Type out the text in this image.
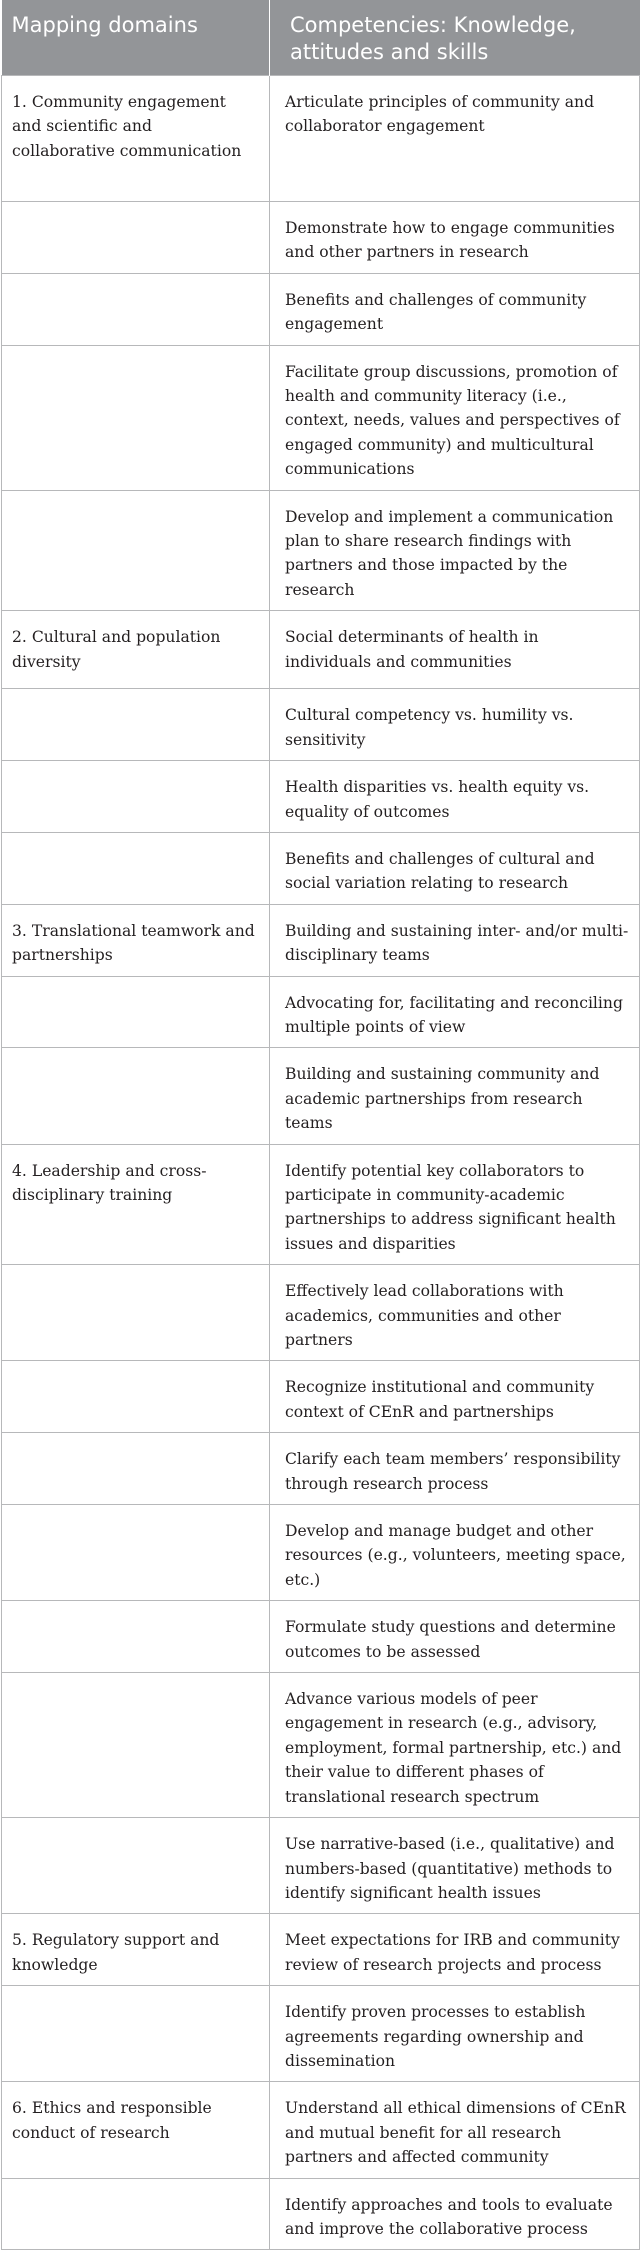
Mapping domains	Competencies: Knowledge, attitudes and skills
1. Community engagement and scientific and collaborative communication	Articulate principles of community and collaborator engagement
	Demonstrate how to engage communities and other partners in research
	Benefits and challenges of community engagement
	Facilitate group discussions, promotion of health and community literacy (i.e., context, needs, values and perspectives of engaged community) and multicultural communications
	Develop and implement a communication plan to share research findings with partners and those impacted by the research
2. Cultural and population diversity	Social determinants of health in individuals and communities
	Cultural competency vs. humility vs. sensitivity
	Health disparities vs. health equity vs. equality of outcomes
	Benefits and challenges of cultural and social variation relating to research
3. Translational teamwork and partnerships	Building and sustaining inter- and/or multi-disciplinary teams
	Advocating for, facilitating and reconciling multiple points of view
	Building and sustaining community and academic partnerships from research teams
4. Leadership and cross-disciplinary training	Identify potential key collaborators to participate in community-academic partnerships to address significant health issues and disparities
	Effectively lead collaborations with academics, communities and other partners
	Recognize institutional and community context of CEnR and partnerships
	Clarify each team members’ responsibility through research process
	Develop and manage budget and other resources (e.g., volunteers, meeting space, etc.)
	Formulate study questions and determine outcomes to be assessed
	Advance various models of peer engagement in research (e.g., advisory, employment, formal partnership, etc.) and their value to different phases of translational research spectrum
	Use narrative-based (i.e., qualitative) and numbers-based (quantitative) methods to identify significant health issues
5. Regulatory support and knowledge	Meet expectations for IRB and community review of research projects and process
	Identify proven processes to establish agreements regarding ownership and dissemination
6. Ethics and responsible conduct of research	Understand all ethical dimensions of CEnR and mutual benefit for all research partners and affected community
	Identify approaches and tools to evaluate and improve the collaborative process
